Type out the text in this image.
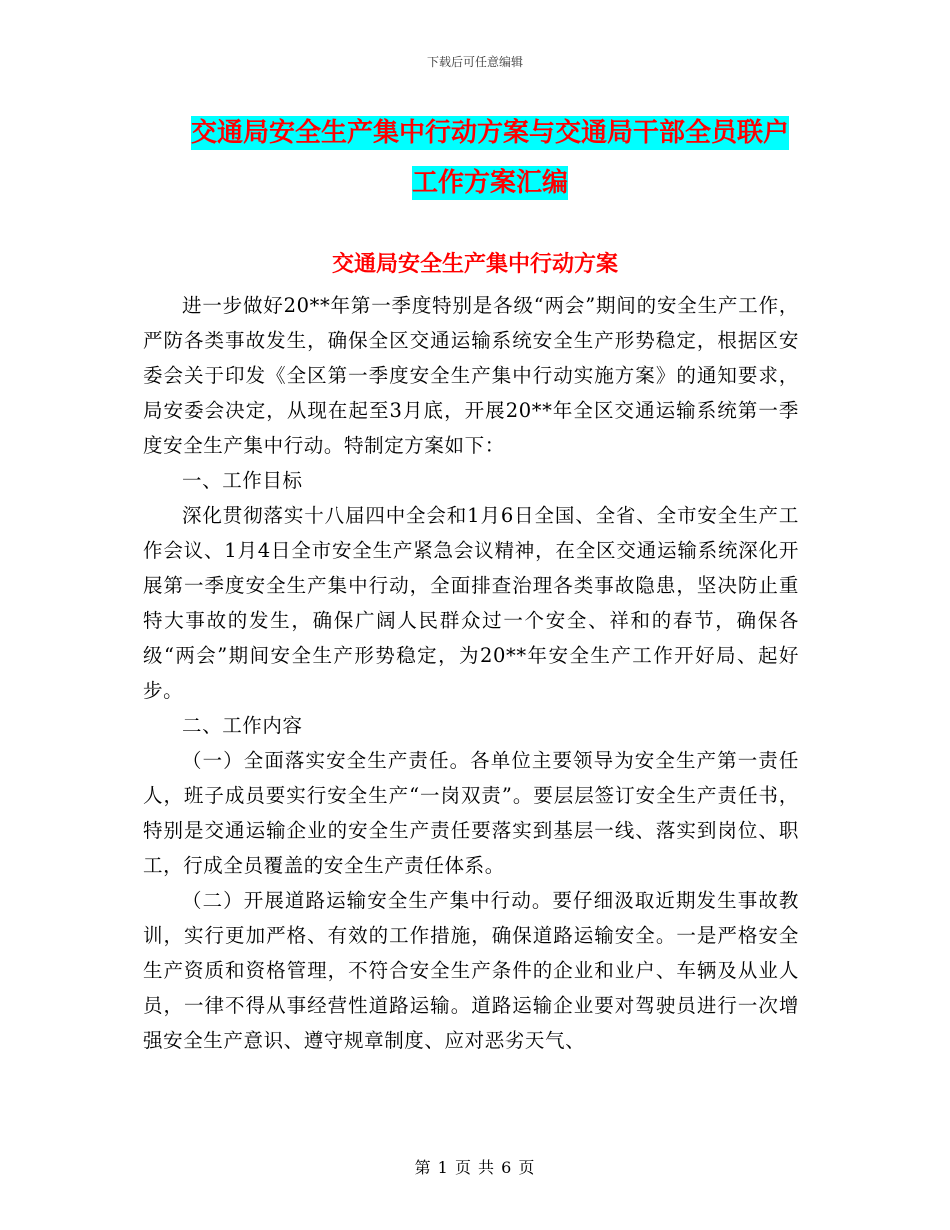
下载后可任意编辑
交通局安全生产集中行动方案与交通局干部全员联户
工作方案汇编
交通局安全生产集中行动方案

进一步做好20**年第一季度特别是各级“两会”期间的安全生产工作，严防各类事故发生，确保全区交通运输系统安全生产形势稳定，根据区安委会关于印发《全区第一季度安全生产集中行动实施方案》的通知要求，局安委会决定，从现在起至3月底，开展20**年全区交通运输系统第一季度安全生产集中行动。特制定方案如下：

一、工作目标

深化贯彻落实十八届四中全会和1月6日全国、全省、全市安全生产工作会议、1月4日全市安全生产紧急会议精神，在全区交通运输系统深化开展第一季度安全生产集中行动，全面排查治理各类事故隐患，坚决防止重特大事故的发生，确保广阔人民群众过一个安全、祥和的春节，确保各级“两会”期间安全生产形势稳定，为20**年安全生产工作开好局、起好步。

二、工作内容

（一）全面落实安全生产责任。各单位主要领导为安全生产第一责任人，班子成员要实行安全生产“一岗双责”。要层层签订安全生产责任书，特别是交通运输企业的安全生产责任要落实到基层一线、落实到岗位、职工，行成全员覆盖的安全生产责任体系。

（二）开展道路运输安全生产集中行动。要仔细汲取近期发生事故教训，实行更加严格、有效的工作措施，确保道路运输安全。一是严格安全生产资质和资格管理，不符合安全生产条件的企业和业户、车辆及从业人员，一律不得从事经营性道路运输。道路运输企业要对驾驶员进行一次增强安全生产意识、遵守规章制度、应对恶劣天气、

第 1 页 共 6 页
